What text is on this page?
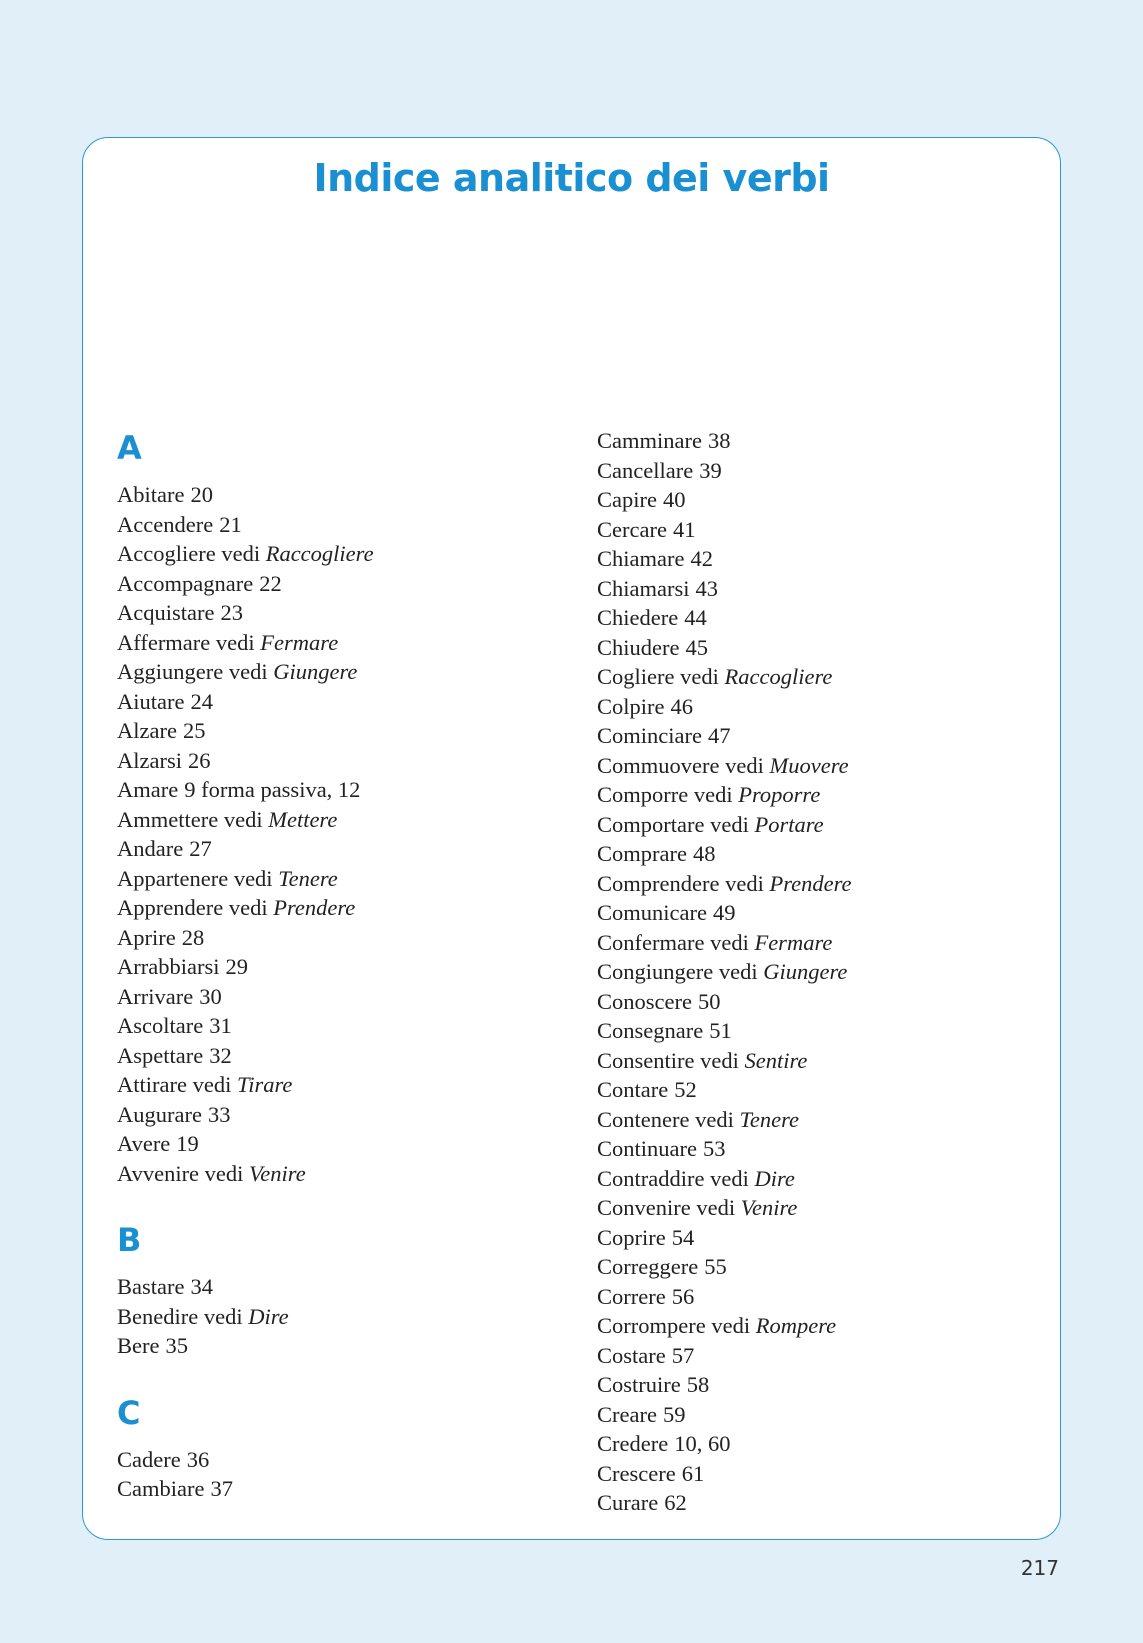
Indice analitico dei verbi
A
Abitare 20
Accendere 21
Accogliere vedi Raccogliere
Accompagnare 22
Acquistare 23
Affermare vedi Fermare
Aggiungere vedi Giungere
Aiutare 24
Alzare 25
Alzarsi 26
Amare 9 forma passiva, 12
Ammettere vedi Mettere
Andare 27
Appartenere vedi Tenere
Apprendere vedi Prendere
Aprire 28
Arrabbiarsi 29
Arrivare 30
Ascoltare 31
Aspettare 32
Attirare vedi Tirare
Augurare 33
Avere 19
Avvenire vedi Venire
B
Bastare 34
Benedire vedi Dire
Bere 35
C
Cadere 36
Cambiare 37
Camminare 38
Cancellare 39
Capire 40
Cercare 41
Chiamare 42
Chiamarsi 43
Chiedere 44
Chiudere 45
Cogliere vedi Raccogliere
Colpire 46
Cominciare 47
Commuovere vedi Muovere
Comporre vedi Proporre
Comportare vedi Portare
Comprare 48
Comprendere vedi Prendere
Comunicare 49
Confermare vedi Fermare
Congiungere vedi Giungere
Conoscere 50
Consegnare 51
Consentire vedi Sentire
Contare 52
Contenere vedi Tenere
Continuare 53
Contraddire vedi Dire
Convenire vedi Venire
Coprire 54
Correggere 55
Correre 56
Corrompere vedi Rompere
Costare 57
Costruire 58
Creare 59
Credere 10, 60
Crescere 61
Curare 62
217
